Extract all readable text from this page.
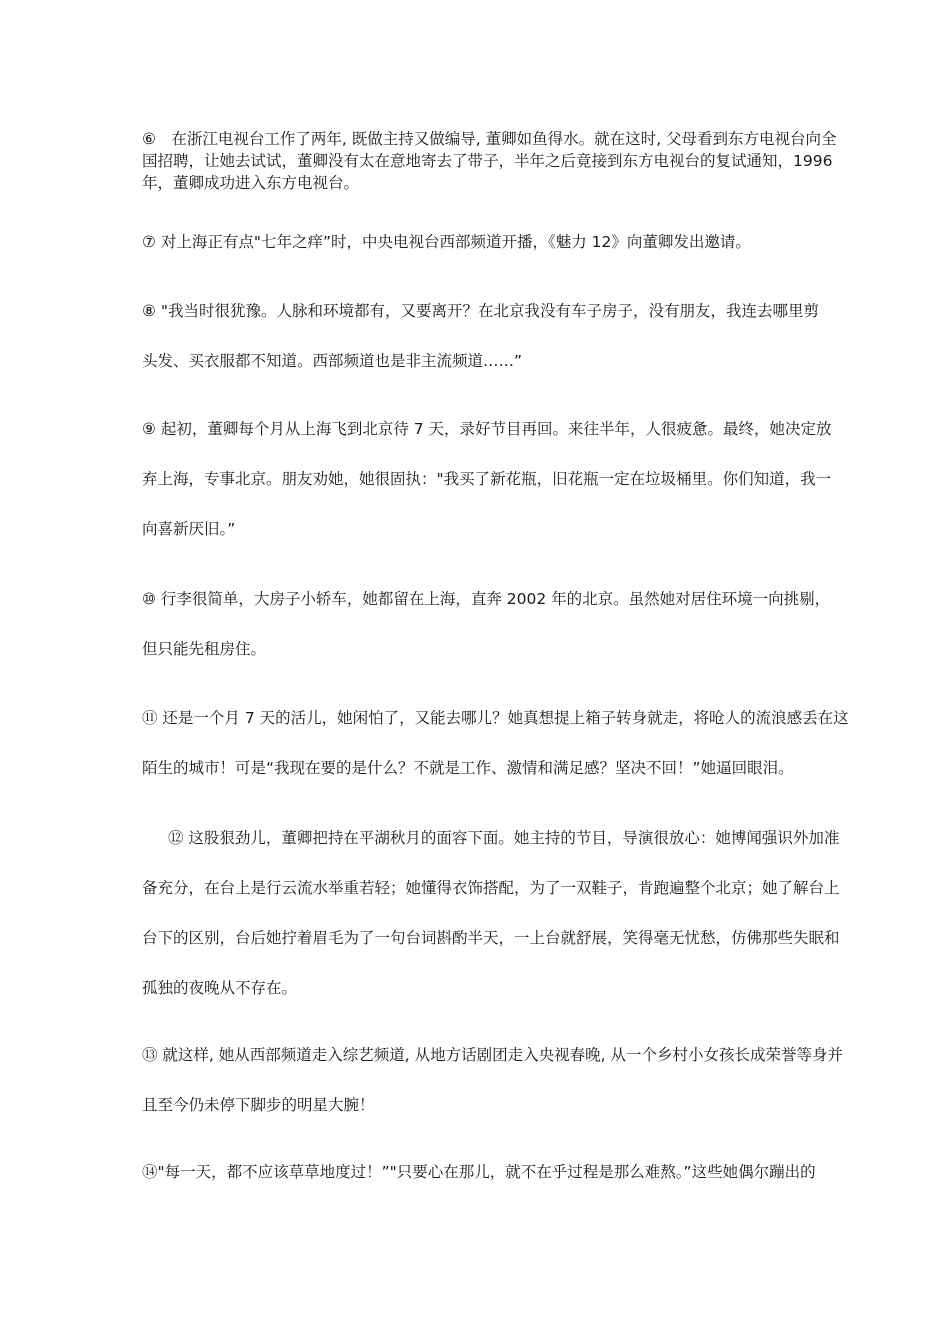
⑥　在浙江电视台工作了两年, 既做主持又做编导, 董卿如鱼得水。就在这时, 父母看到东方电视台向全
国招聘，让她去试试，董卿没有太在意地寄去了带子，半年之后竟接到东方电视台的复试通知，1996
年，董卿成功进入东方电视台。
⑦ 对上海正有点"七年之痒”时，中央电视台西部频道开播，《魅力 12》向董卿发出邀请。
⑧ "我当时很犹豫。人脉和环境都有，又要离开？在北京我没有车子房子，没有朋友，我连去哪里剪
头发、买衣服都不知道。西部频道也是非主流频道……”
⑨ 起初，董卿每个月从上海飞到北京待 7 天，录好节目再回。来往半年，人很疲惫。最终，她决定放
弃上海，专事北京。朋友劝她，她很固执："我买了新花瓶，旧花瓶一定在垃圾桶里。你们知道，我一
向喜新厌旧。”
⑩ 行李很简单，大房子小轿车，她都留在上海，直奔 2002 年的北京。虽然她对居住环境一向挑剔，
但只能先租房住。
⑪ 还是一个月 7 天的活儿，她闲怕了，又能去哪儿？她真想提上箱子转身就走，将呛人的流浪感丢在这
陌生的城市！可是“我现在要的是什么？不就是工作、激情和满足感？坚决不回！”她逼回眼泪。
⑫ 这股狠劲儿，董卿把持在平湖秋月的面容下面。她主持的节目，导演很放心：她博闻强识外加准
备充分，在台上是行云流水举重若轻；她懂得衣饰搭配，为了一双鞋子，肯跑遍整个北京；她了解台上
台下的区别，台后她拧着眉毛为了一句台词斟酌半天，一上台就舒展，笑得毫无忧愁，仿佛那些失眠和
孤独的夜晚从不存在。
⑬ 就这样, 她从西部频道走入综艺频道, 从地方话剧团走入央视春晚, 从一个乡村小女孩长成荣誉等身并
且至今仍未停下脚步的明星大腕！
⑭"每一天，都不应该草草地度过！”"只要心在那儿，就不在乎过程是那么难熬。”这些她偶尔蹦出的
